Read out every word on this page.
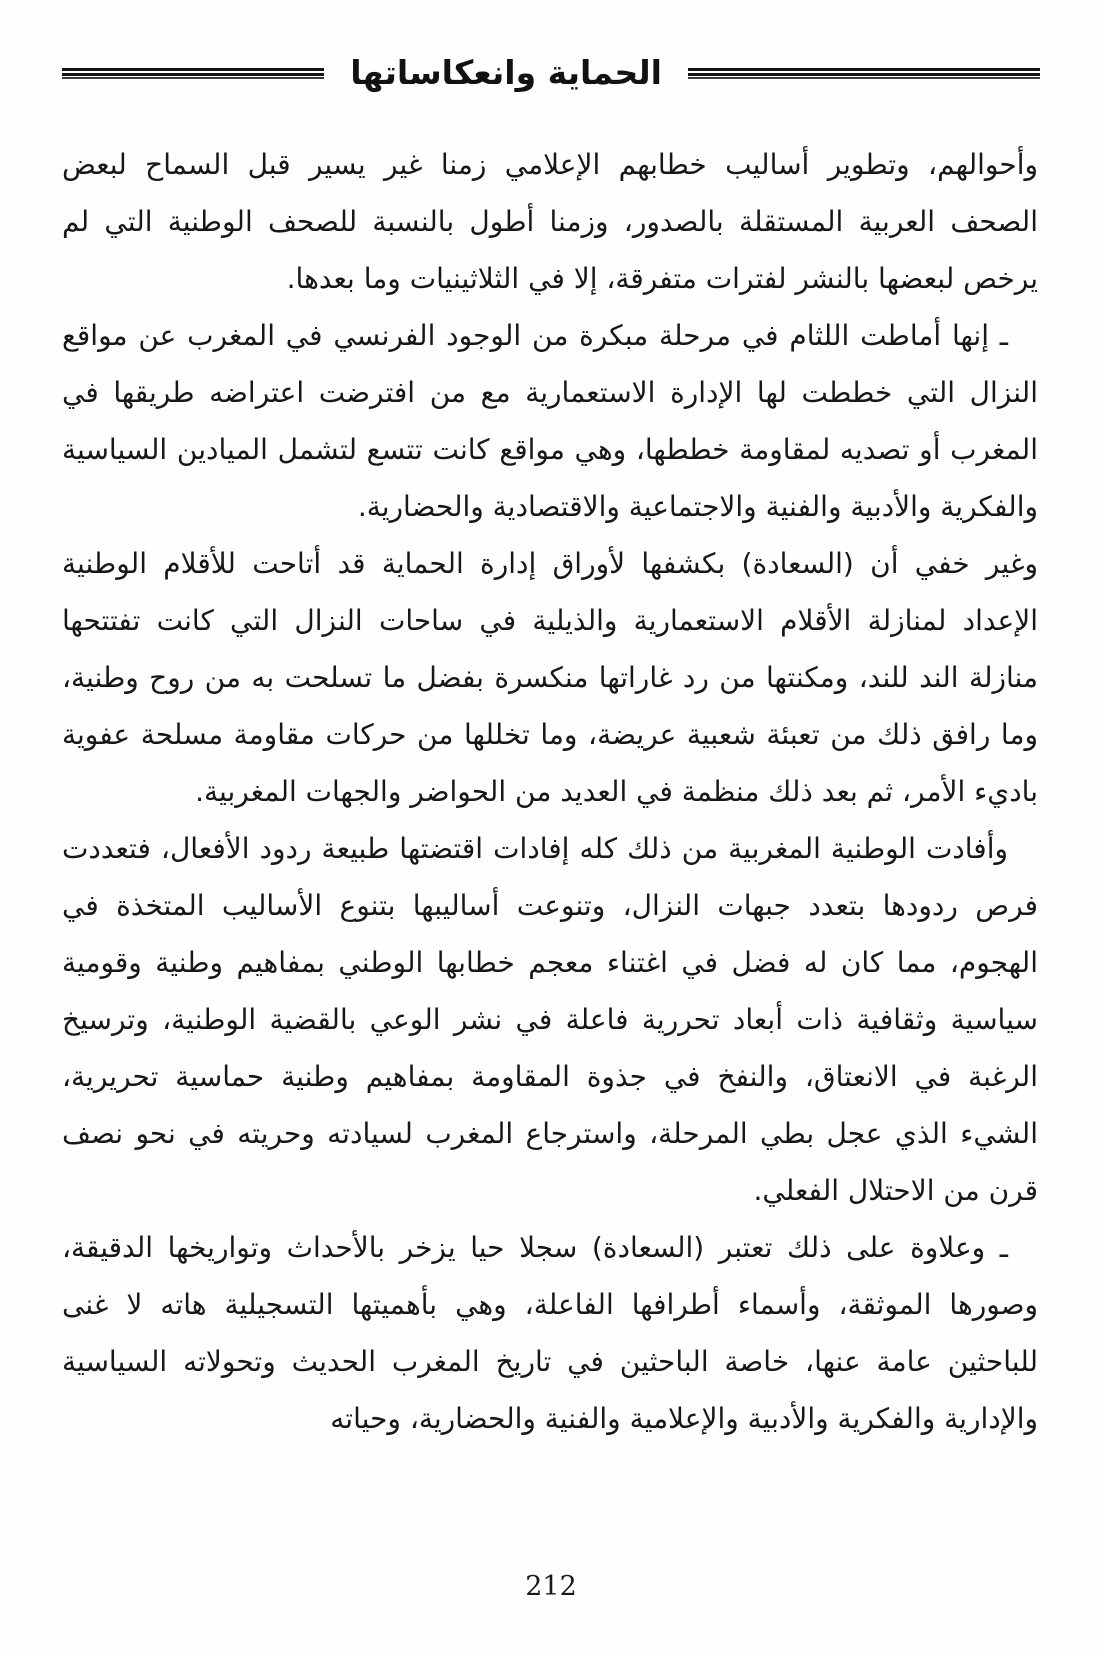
الحماية وانعكاساتها

وأحوالهم، وتطوير أساليب خطابهم الإعلامي زمنا غير يسير قبل السماح لبعض الصحف العربية المستقلة بالصدور، وزمنا أطول بالنسبة للصحف الوطنية التي لم يرخص لبعضها بالنشر لفترات متفرقة، إلا في الثلاثينيات وما بعدها.

ـ إنها أماطت اللثام في مرحلة مبكرة من الوجود الفرنسي في المغرب عن مواقع النزال التي خططت لها الإدارة الاستعمارية مع من افترضت اعتراضه طريقها في المغرب أو تصديه لمقاومة خططها، وهي مواقع كانت تتسع لتشمل الميادين السياسية والفكرية والأدبية والفنية والاجتماعية والاقتصادية والحضارية.

وغير خفي أن (السعادة) بكشفها لأوراق إدارة الحماية قد أتاحت للأقلام الوطنية الإعداد لمنازلة الأقلام الاستعمارية والذيلية في ساحات النزال التي كانت تفتتحها منازلة الند للند، ومكنتها من رد غاراتها منكسرة بفضل ما تسلحت به من روح وطنية، وما رافق ذلك من تعبئة شعبية عريضة، وما تخللها من حركات مقاومة مسلحة عفوية باديء الأمر، ثم بعد ذلك منظمة في العديد من الحواضر والجهات المغربية.

وأفادت الوطنية المغربية من ذلك كله إفادات اقتضتها طبيعة ردود الأفعال، فتعددت فرص ردودها بتعدد جبهات النزال، وتنوعت أساليبها بتنوع الأساليب المتخذة في الهجوم، مما كان له فضل في اغتناء معجم خطابها الوطني بمفاهيم وطنية وقومية سياسية وثقافية ذات أبعاد تحررية فاعلة في نشر الوعي بالقضية الوطنية، وترسيخ الرغبة في الانعتاق، والنفخ في جذوة المقاومة بمفاهيم وطنية حماسية تحريرية، الشيء الذي عجل بطي المرحلة، واسترجاع المغرب لسيادته وحريته في نحو نصف قرن من الاحتلال الفعلي.

ـ وعلاوة على ذلك تعتبر (السعادة) سجلا حيا يزخر بالأحداث وتواريخها الدقيقة، وصورها الموثقة، وأسماء أطرافها الفاعلة، وهي بأهميتها التسجيلية هاته لا غنى للباحثين عامة عنها، خاصة الباحثين في تاريخ المغرب الحديث وتحولاته السياسية والإدارية والفكرية والأدبية والإعلامية والفنية والحضارية، وحياته

212
